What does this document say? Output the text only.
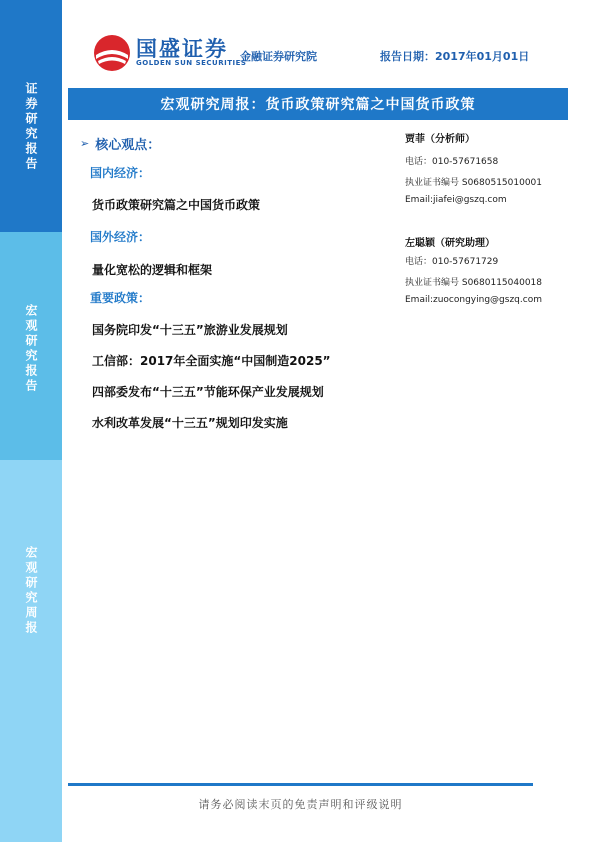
证券研究报告
宏观研究报告
宏观研究周报
国盛证券
GOLDEN SUN SECURITIES
金融证券研究院	报告日期：2017年01月01日
宏观研究周报：货币政策研究篇之中国货币政策
➢ 核心观点：
国内经济：
货币政策研究篇之中国货币政策
国外经济：
量化宽松的逻辑和框架
重要政策：
国务院印发“十三五”旅游业发展规划
工信部：2017年全面实施“中国制造2025”
四部委发布“十三五”节能环保产业发展规划
水利改革发展“十三五”规划印发实施
贾菲（分析师）
电话：010-57671658
执业证书编号 S0680515010001
Email:jiafei@gszq.com
左聪颖（研究助理）
电话：010-57671729
执业证书编号 S0680115040018
Email:zuocongying@gszq.com
请务必阅读末页的免责声明和评级说明
